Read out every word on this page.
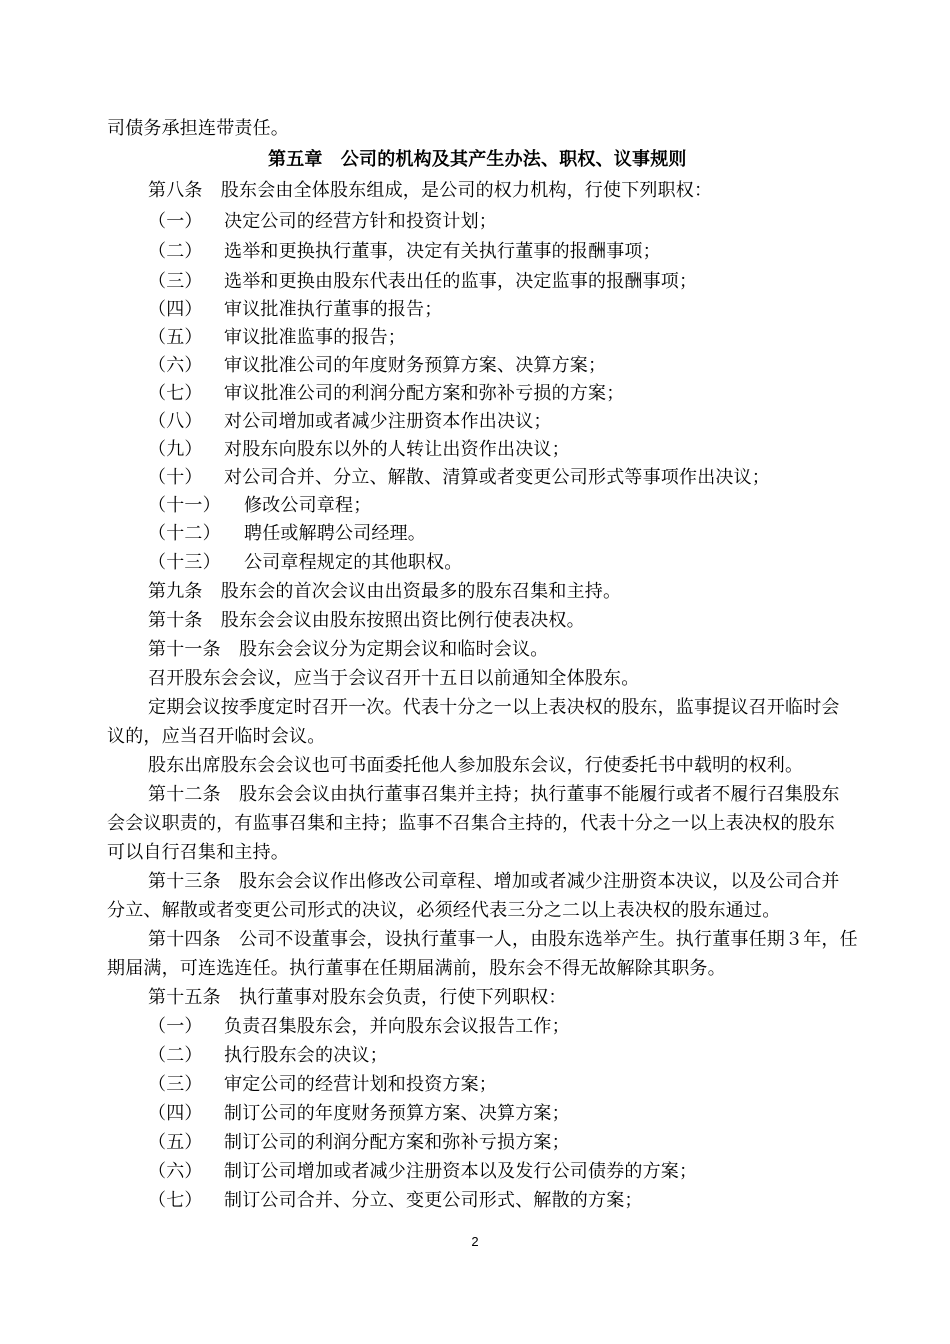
司债务承担连带责任。
第五章　公司的机构及其产生办法、职权、议事规则
第八条　股东会由全体股东组成，是公司的权力机构，行使下列职权：
（一） 决定公司的经营方针和投资计划；
（二） 选举和更换执行董事，决定有关执行董事的报酬事项；
（三） 选举和更换由股东代表出任的监事，决定监事的报酬事项；
（四） 审议批准执行董事的报告；
（五） 审议批准监事的报告；
（六） 审议批准公司的年度财务预算方案、决算方案；
（七） 审议批准公司的利润分配方案和弥补亏损的方案；
（八） 对公司增加或者减少注册资本作出决议；
（九） 对股东向股东以外的人转让出资作出决议；
（十） 对公司合并、分立、解散、清算或者变更公司形式等事项作出决议；
（十一） 修改公司章程；
（十二） 聘任或解聘公司经理。
（十三） 公司章程规定的其他职权。
第九条　股东会的首次会议由出资最多的股东召集和主持。
第十条　股东会会议由股东按照出资比例行使表决权。
第十一条　股东会会议分为定期会议和临时会议。
召开股东会会议，应当于会议召开十五日以前通知全体股东。
定期会议按季度定时召开一次。代表十分之一以上表决权的股东，监事提议召开临时会
议的，应当召开临时会议。
股东出席股东会会议也可书面委托他人参加股东会议，行使委托书中载明的权利。
第十二条　股东会会议由执行董事召集并主持；执行董事不能履行或者不履行召集股东
会会议职责的，有监事召集和主持；监事不召集合主持的，代表十分之一以上表决权的股东
可以自行召集和主持。
第十三条　股东会会议作出修改公司章程、增加或者减少注册资本决议，以及公司合并
分立、解散或者变更公司形式的决议，必须经代表三分之二以上表决权的股东通过。
第十四条　公司不设董事会，设执行董事一人，由股东选举产生。执行董事任期３年，任
期届满，可连选连任。执行董事在任期届满前，股东会不得无故解除其职务。
第十五条　执行董事对股东会负责，行使下列职权：
（一） 负责召集股东会，并向股东会议报告工作；
（二） 执行股东会的决议；
（三） 审定公司的经营计划和投资方案；
（四） 制订公司的年度财务预算方案、决算方案；
（五） 制订公司的利润分配方案和弥补亏损方案；
（六） 制订公司增加或者减少注册资本以及发行公司债券的方案；
（七） 制订公司合并、分立、变更公司形式、解散的方案；
2
